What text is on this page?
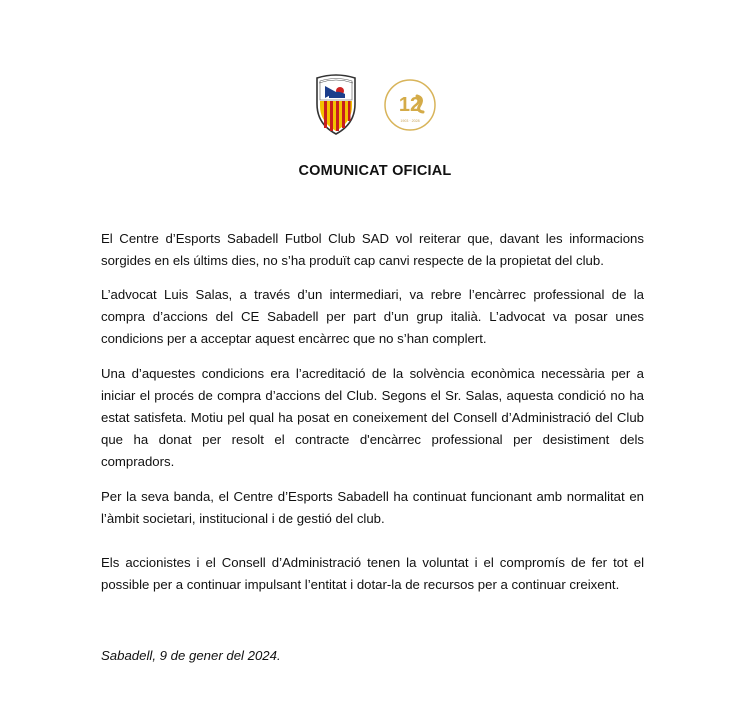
12
1903 · 2028
COMUNICAT OFICIAL

El Centre d’Esports Sabadell Futbol Club SAD vol reiterar que, davant les informacions sorgides en els últims dies, no s’ha produït cap canvi respecte de la propietat del club.

L’advocat Luis Salas, a través d’un intermediari, va rebre l’encàrrec professional de la compra d’accions del CE Sabadell per part d’un grup italià. L’advocat va posar unes condicions per a acceptar aquest encàrrec que no s’han complert.

Una d’aquestes condicions era l’acreditació de la solvència econòmica necessària per a iniciar el procés de compra d’accions del Club. Segons el Sr. Salas, aquesta condició no ha estat satisfeta. Motiu pel qual ha posat en coneixement del Consell d’Administració del Club que ha donat per resolt el contracte d'encàrrec professional per desistiment dels compradors.

Per la seva banda, el Centre d’Esports Sabadell ha continuat funcionant amb normalitat en l’àmbit societari, institucional i de gestió del club.

Els accionistes i el Consell d’Administració tenen la voluntat i el compromís de fer tot el possible per a continuar impulsant l’entitat i dotar-la de recursos per a continuar creixent.

Sabadell, 9 de gener del 2024.
